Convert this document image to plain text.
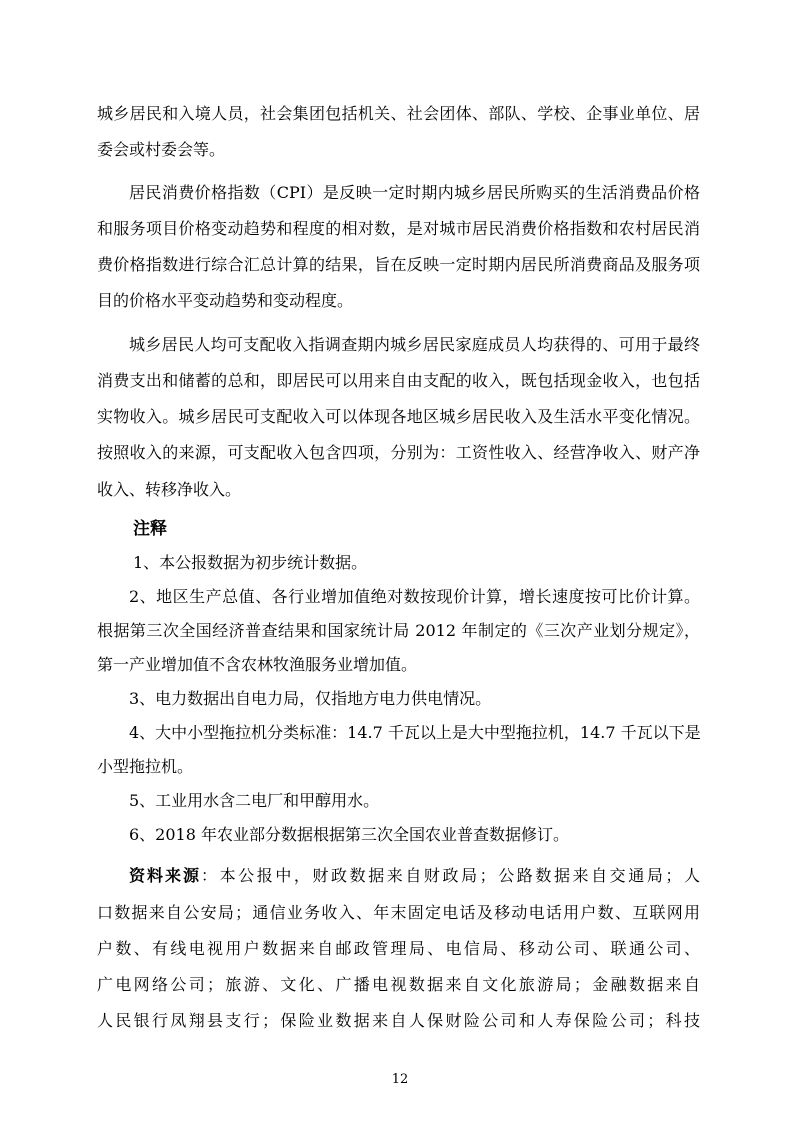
城乡居民和入境人员，社会集团包括机关、社会团体、部队、学校、企事业单位、居
委会或村委会等。
居民消费价格指数（CPI）是反映一定时期内城乡居民所购买的生活消费品价格
和服务项目价格变动趋势和程度的相对数，是对城市居民消费价格指数和农村居民消
费价格指数进行综合汇总计算的结果，旨在反映一定时期内居民所消费商品及服务项
目的价格水平变动趋势和变动程度。
城乡居民人均可支配收入指调查期内城乡居民家庭成员人均获得的、可用于最终
消费支出和储蓄的总和，即居民可以用来自由支配的收入，既包括现金收入，也包括
实物收入。城乡居民可支配收入可以体现各地区城乡居民收入及生活水平变化情况。
按照收入的来源，可支配收入包含四项，分别为：工资性收入、经营净收入、财产净
收入、转移净收入。
注释
1、本公报数据为初步统计数据。
2、地区生产总值、各行业增加值绝对数按现价计算，增长速度按可比价计算。
根据第三次全国经济普查结果和国家统计局 2012 年制定的《三次产业划分规定》，
第一产业增加值不含农林牧渔服务业增加值。
3、电力数据出自电力局，仅指地方电力供电情况。
4、大中小型拖拉机分类标准：14.7 千瓦以上是大中型拖拉机，14.7 千瓦以下是
小型拖拉机。
5、工业用水含二电厂和甲醇用水。
6、2018 年农业部分数据根据第三次全国农业普查数据修订。
资料来源 ：本公报中，财政数据来自财政局；公路数据来自交通局；人
口数据来自公安局；通信业务收入、年末固定电话及移动电话用户数、互联网用
户数、有线电视用户数据来自邮政管理局、电信局、移动公司、联通公司、
广电网络公司；旅游、文化、广播电视数据来自文化旅游局；金融数据来自
人民银行凤翔县支行；保险业数据来自人保财险公司和人寿保险公司；科技
12
